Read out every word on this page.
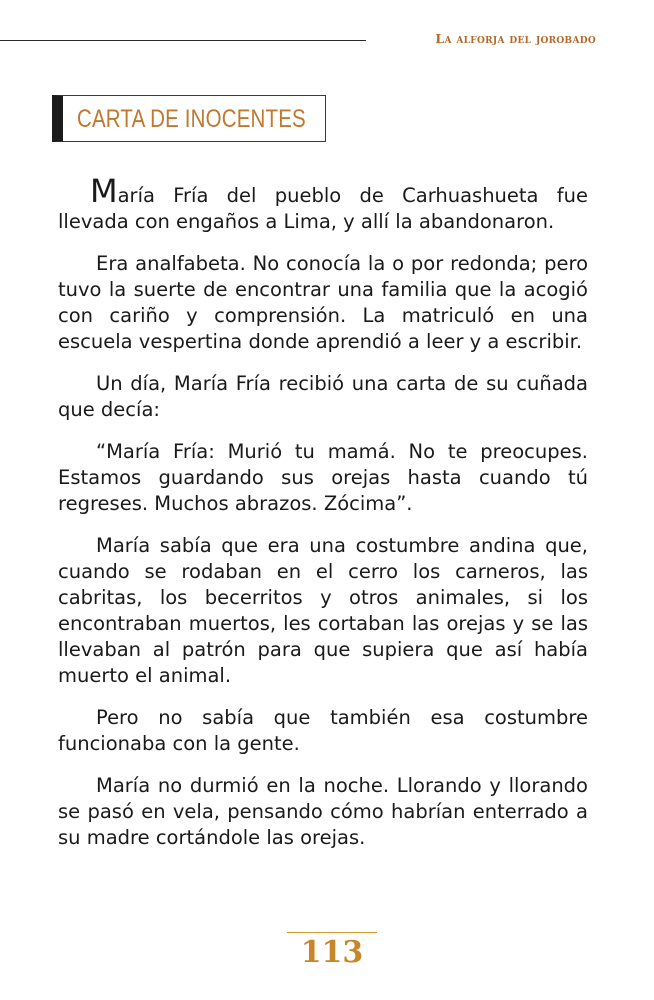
La alforja del jorobado
CARTA DE INOCENTES

María Fría del pueblo de Carhuashueta fue llevada con engaños a Lima, y allí la abandonaron.

Era analfabeta. No conocía la o por redonda; pero tuvo la suerte de encontrar una familia que la acogió con cariño y comprensión. La matriculó en una escuela vespertina donde aprendió a leer y a escribir.

Un día, María Fría recibió una carta de su cuñada que decía:

“María Fría: Murió tu mamá. No te preocupes. Estamos guardando sus orejas hasta cuando tú regreses. Muchos abrazos. Zócima”.

María sabía que era una costumbre andina que, cuando se rodaban en el cerro los carneros, las cabritas, los becerritos y otros animales, si los encontraban muertos, les cortaban las orejas y se las llevaban al patrón para que supiera que así había muerto el animal.

Pero no sabía que también esa costumbre funcionaba con la gente.

María no durmió en la noche. Llorando y llorando se pasó en vela, pensando cómo habrían enterrado a su madre cortándole las orejas.

113
